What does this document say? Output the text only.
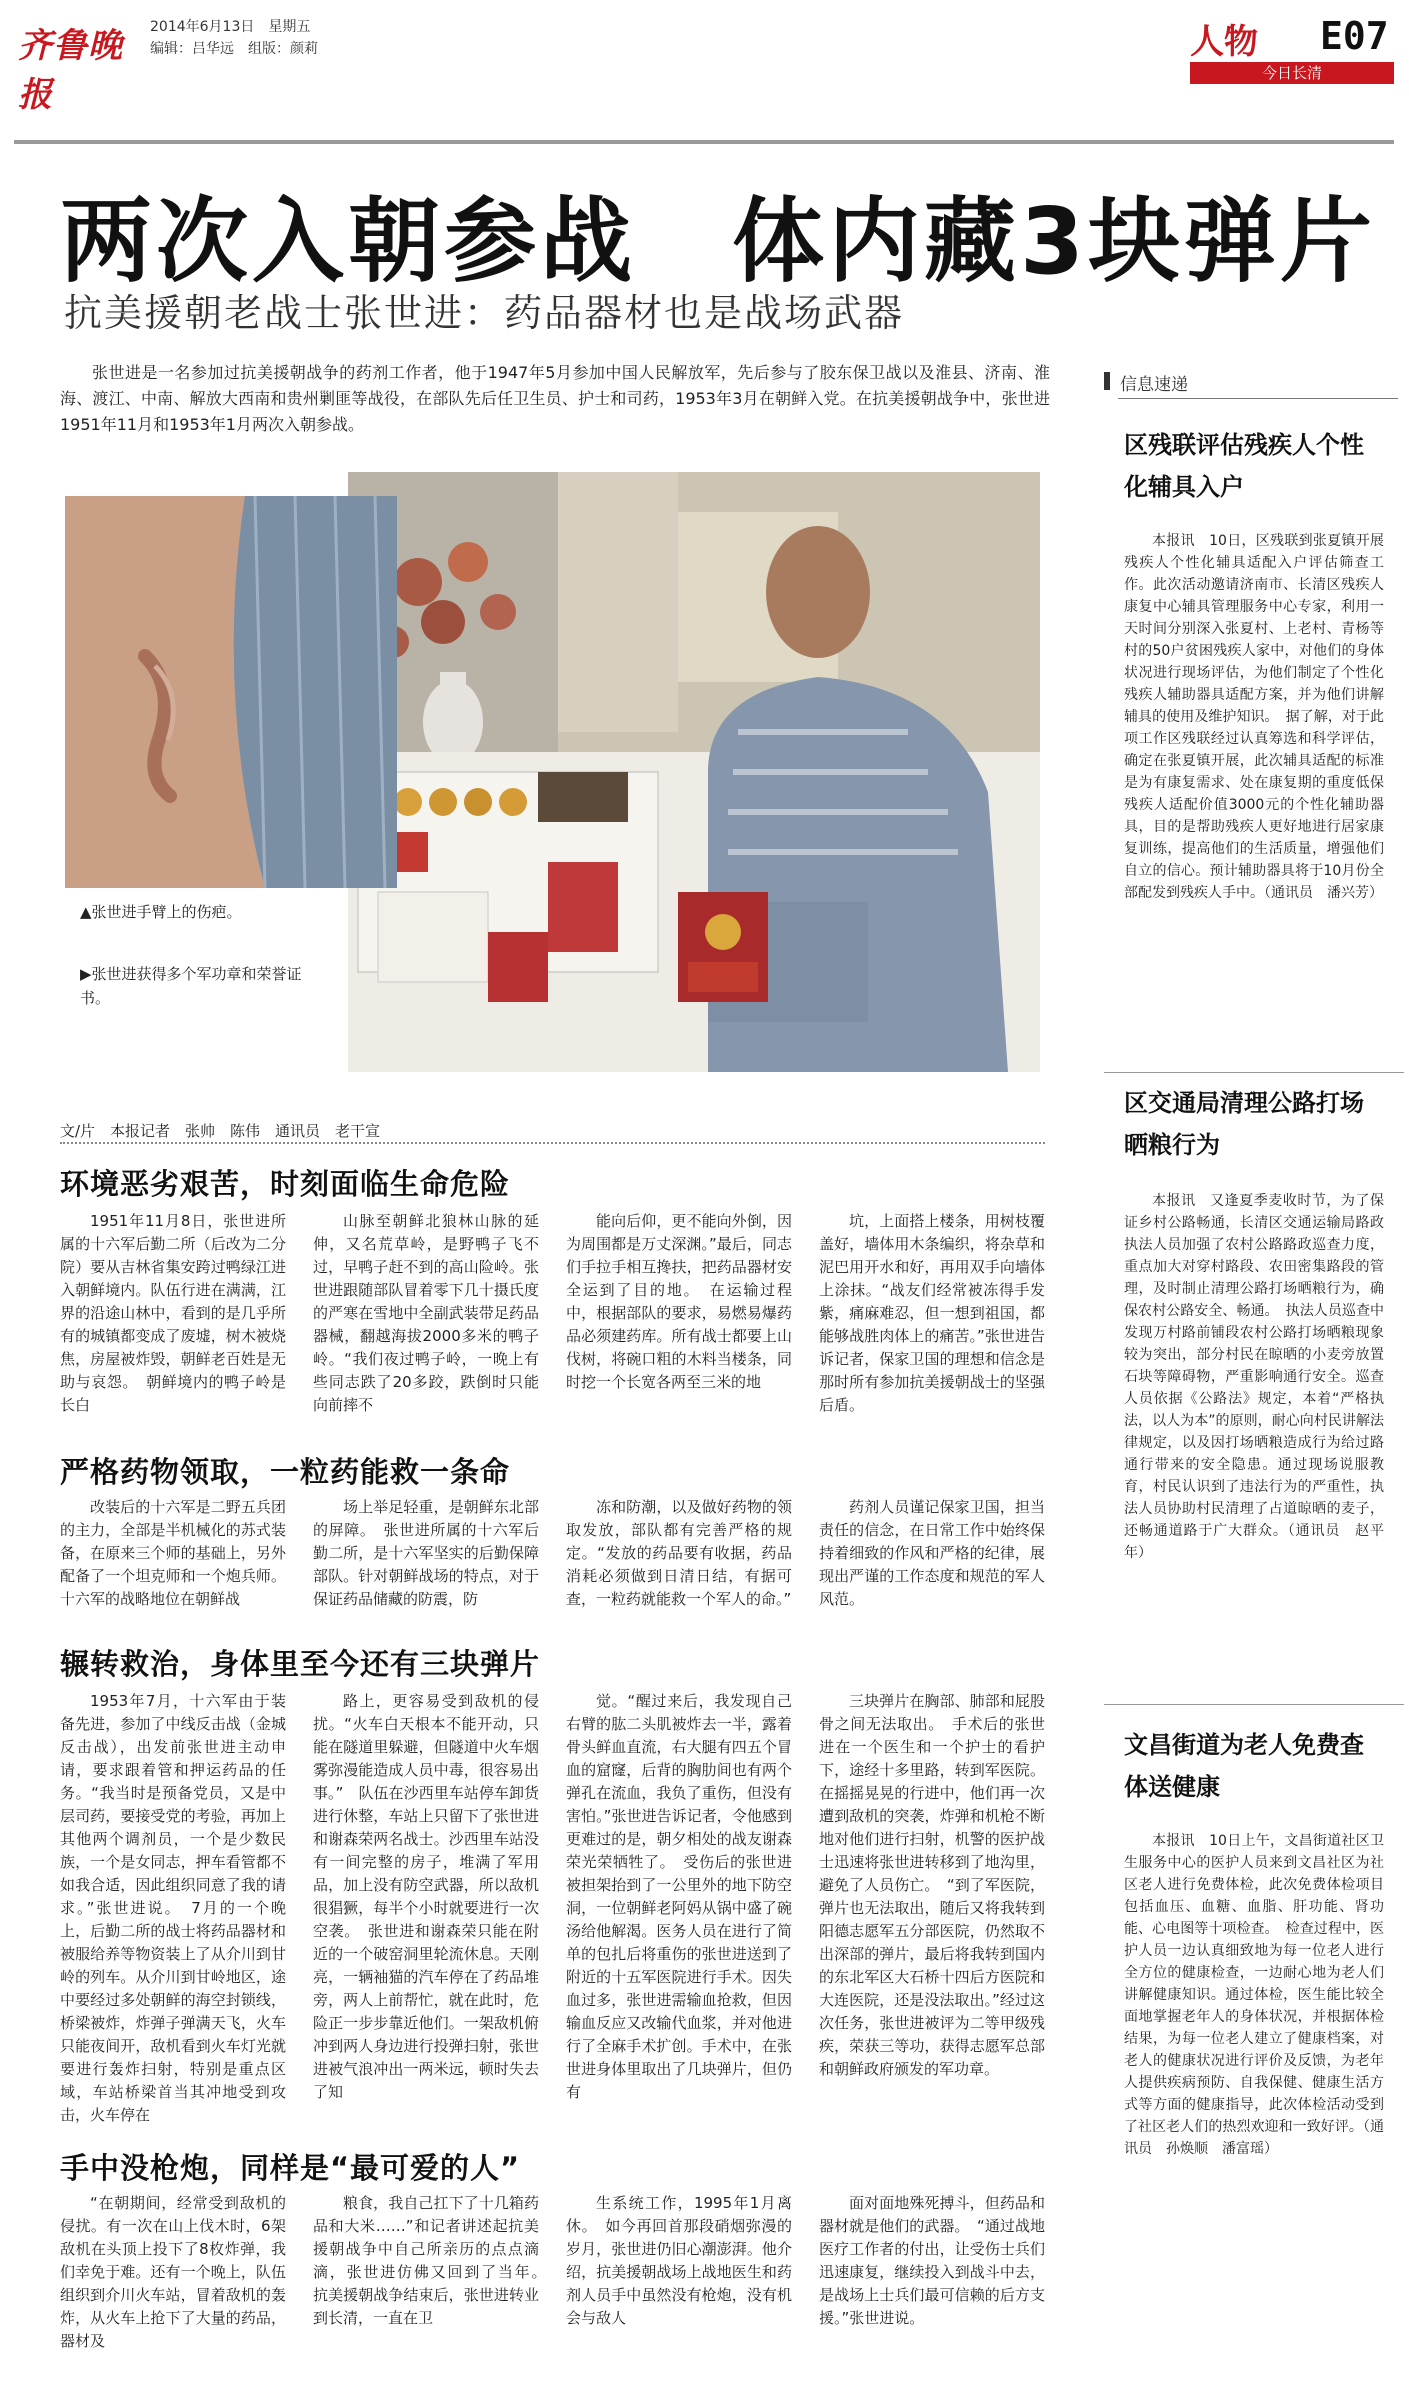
齐鲁晚报
2014年6月13日　星期五
编辑：吕华远　组版：颜莉	人物 E07
今日长清
两次入朝参战　体内藏3块弹片
抗美援朝老战士张世进：药品器材也是战场武器
张世进是一名参加过抗美援朝战争的药剂工作者，他于1947年5月参加中国人民解放军，先后参与了胶东保卫战以及淮县、济南、淮海、渡江、中南、解放大西南和贵州剿匪等战役，在部队先后任卫生员、护士和司药，1953年3月在朝鲜入党。在抗美援朝战争中，张世进1951年11月和1953年1月两次入朝参战。
▲张世进手臂上的伤疤。
▶张世进获得多个军功章和荣誉证书。
文/片　本报记者　张帅　陈伟　通讯员　老干宣
环境恶劣艰苦，时刻面临生命危险

1951年11月8日，张世进所属的十六军后勤二所（后改为二分院）要从吉林省集安跨过鸭绿江进入朝鲜境内。队伍行进在满满，江界的沿途山林中，看到的是几乎所有的城镇都变成了废墟，树木被烧焦，房屋被炸毁，朝鲜老百姓是无助与哀怨。　朝鲜境内的鸭子岭是长白

山脉至朝鲜北狼林山脉的延伸，又名荒草岭，是野鸭子飞不过，早鸭子赶不到的高山险岭。张世进跟随部队冒着零下几十摄氏度的严寒在雪地中全副武装带足药品器械，翻越海拔2000多米的鸭子岭。“我们夜过鸭子岭，一晚上有些同志跌了20多跤，跌倒时只能向前摔不

能向后仰，更不能向外倒，因为周围都是万丈深渊。”最后，同志们手拉手相互搀扶，把药品器材安全运到了目的地。　在运输过程中，根据部队的要求，易燃易爆药品必须建药库。所有战士都要上山伐树，将碗口粗的木料当楼条，同时挖一个长宽各两至三米的地

坑，上面搭上楼条，用树枝覆盖好，墙体用木条编织，将杂草和泥巴用开水和好，再用双手向墙体上涂抹。“战友们经常被冻得手发紫，痛麻难忍，但一想到祖国，都能够战胜肉体上的痛苦。”张世进告诉记者，保家卫国的理想和信念是那时所有参加抗美援朝战士的坚强后盾。

严格药物领取，一粒药能救一条命

改装后的十六军是二野五兵团的主力，全部是半机械化的苏式装备，在原来三个师的基础上，另外配备了一个坦克师和一个炮兵师。十六军的战略地位在朝鲜战

场上举足轻重，是朝鲜东北部的屏障。　张世进所属的十六军后勤二所，是十六军坚实的后勤保障部队。针对朝鲜战场的特点，对于保证药品储藏的防震，防

冻和防潮，以及做好药物的领取发放，部队都有完善严格的规定。“发放的药品要有收据，药品消耗必须做到日清日结，有据可查，一粒药就能救一个军人的命。”

药剂人员谨记保家卫国，担当责任的信念，在日常工作中始终保持着细致的作风和严格的纪律，展现出严谨的工作态度和规范的军人风范。

辗转救治，身体里至今还有三块弹片

1953年7月，十六军由于装备先进，参加了中线反击战（金城反击战），出发前张世进主动申请，要求跟着管和押运药品的任务。“我当时是预备党员，又是中层司药，要接受党的考验，再加上其他两个调剂员，一个是少数民族，一个是女同志，押车看管都不如我合适，因此组织同意了我的请求。”张世进说。　7月的一个晚上，后勤二所的战士将药品器材和被服给养等物资装上了从介川到甘岭的列车。从介川到甘岭地区，途中要经过多处朝鲜的海空封锁线，桥梁被炸，炸弹子弹满天飞，火车只能夜间开，敌机看到火车灯光就要进行轰炸扫射，特别是重点区域，车站桥梁首当其冲地受到攻击，火车停在

路上，更容易受到敌机的侵扰。“火车白天根本不能开动，只能在隧道里躲避，但隧道中火车烟雾弥漫能造成人员中毒，很容易出事。”　队伍在沙西里车站停车卸货进行休整，车站上只留下了张世进和谢森荣两名战士。沙西里车站没有一间完整的房子，堆满了军用品，加上没有防空武器，所以敌机很猖獗，每半个小时就要进行一次空袭。　张世进和谢森荣只能在附近的一个破窑洞里轮流休息。天刚亮，一辆袖猫的汽车停在了药品堆旁，两人上前帮忙，就在此时，危险正一步步靠近他们。一架敌机俯冲到两人身边进行投弹扫射，张世进被气浪冲出一两米远，顿时失去了知

觉。“醒过来后，我发现自己右臂的肱二头肌被炸去一半，露着骨头鲜血直流，右大腿有四五个冒血的窟窿，后背的胸肋间也有两个弹孔在流血，我负了重伤，但没有害怕。”张世进告诉记者，令他感到更难过的是，朝夕相处的战友谢森荣光荣牺牲了。　受伤后的张世进被担架抬到了一公里外的地下防空洞，一位朝鲜老阿妈从锅中盛了碗汤给他解渴。医务人员在进行了简单的包扎后将重伤的张世进送到了附近的十五军医院进行手术。因失血过多，张世进需输血抢救，但因输血反应又改输代血浆，并对他进行了全麻手术扩创。手术中，在张世进身体里取出了几块弹片，但仍有

三块弹片在胸部、肺部和屁股骨之间无法取出。　手术后的张世进在一个医生和一个护士的看护下，途经十多里路，转到军医院。在摇摇晃晃的行进中，他们再一次遭到敌机的突袭，炸弹和机枪不断地对他们进行扫射，机警的医护战士迅速将张世进转移到了地沟里，避免了人员伤亡。　“到了军医院，弹片也无法取出，随后又将我转到阳德志愿军五分部医院，仍然取不出深部的弹片，最后将我转到国内的东北军区大石桥十四后方医院和大连医院，还是没法取出。”经过这次任务，张世进被评为二等甲级残疾，荣获三等功，获得志愿军总部和朝鲜政府颁发的军功章。

手中没枪炮，同样是“最可爱的人”

“在朝期间，经常受到敌机的侵扰。有一次在山上伐木时，6架敌机在头顶上投下了8枚炸弹，我们幸免于难。还有一个晚上，队伍组织到介川火车站，冒着敌机的轰炸，从火车上抢下了大量的药品，器材及

粮食，我自己扛下了十几箱药品和大米……”和记者讲述起抗美援朝战争中自己所亲历的点点滴滴，张世进仿佛又回到了当年。　抗美援朝战争结束后，张世进转业到长清，一直在卫

生系统工作，1995年1月离休。　如今再回首那段硝烟弥漫的岁月，张世进仍旧心潮澎湃。他介绍，抗美援朝战场上战地医生和药剂人员手中虽然没有枪炮，没有机会与敌人

面对面地殊死搏斗，但药品和器材就是他们的武器。　“通过战地医疗工作者的付出，让受伤士兵们迅速康复，继续投入到战斗中去，是战场上士兵们最可信赖的后方支援。”张世进说。

信息速递
区残联评估残疾人个性化辅具入户

本报讯　10日，区残联到张夏镇开展残疾人个性化辅具适配入户评估筛查工作。此次活动邀请济南市、长清区残疾人康复中心辅具管理服务中心专家，利用一天时间分别深入张夏村、上老村、青杨等村的50户贫困残疾人家中，对他们的身体状况进行现场评估，为他们制定了个性化残疾人辅助器具适配方案，并为他们讲解辅具的使用及维护知识。　据了解，对于此项工作区残联经过认真筹选和科学评估，确定在张夏镇开展，此次辅具适配的标准是为有康复需求、处在康复期的重度低保残疾人适配价值3000元的个性化辅助器具，目的是帮助残疾人更好地进行居家康复训练，提高他们的生活质量，增强他们自立的信心。预计辅助器具将于10月份全部配发到残疾人手中。（通讯员　潘兴芳）

区交通局清理公路打场晒粮行为

本报讯　又逢夏季麦收时节，为了保证乡村公路畅通，长清区交通运输局路政执法人员加强了农村公路路政巡查力度，重点加大对穿村路段、农田密集路段的管理，及时制止清理公路打场晒粮行为，确保农村公路安全、畅通。　执法人员巡查中发现万村路前铺段农村公路打场晒粮现象较为突出，部分村民在晾晒的小麦旁放置石块等障碍物，严重影响通行安全。巡查人员依据《公路法》规定，本着“严格执法，以人为本”的原则，耐心向村民讲解法律规定，以及因打场晒粮造成行为给过路通行带来的安全隐患。通过现场说服教育，村民认识到了违法行为的严重性，执法人员协助村民清理了占道晾晒的麦子，还畅通道路于广大群众。（通讯员　赵平年）

文昌街道为老人免费查体送健康

本报讯　10日上午，文昌街道社区卫生服务中心的医护人员来到文昌社区为社区老人进行免费体检，此次免费体检项目包括血压、血糖、血脂、肝功能、肾功能、心电图等十项检查。　检查过程中，医护人员一边认真细致地为每一位老人进行全方位的健康检查，一边耐心地为老人们讲解健康知识。通过体检，医生能比较全面地掌握老年人的身体状况，并根据体检结果，为每一位老人建立了健康档案，对老人的健康状况进行评价及反馈，为老年人提供疾病预防、自我保健、健康生活方式等方面的健康指导，此次体检活动受到了社区老人们的热烈欢迎和一致好评。（通讯员　孙焕顺　潘富瑶）
